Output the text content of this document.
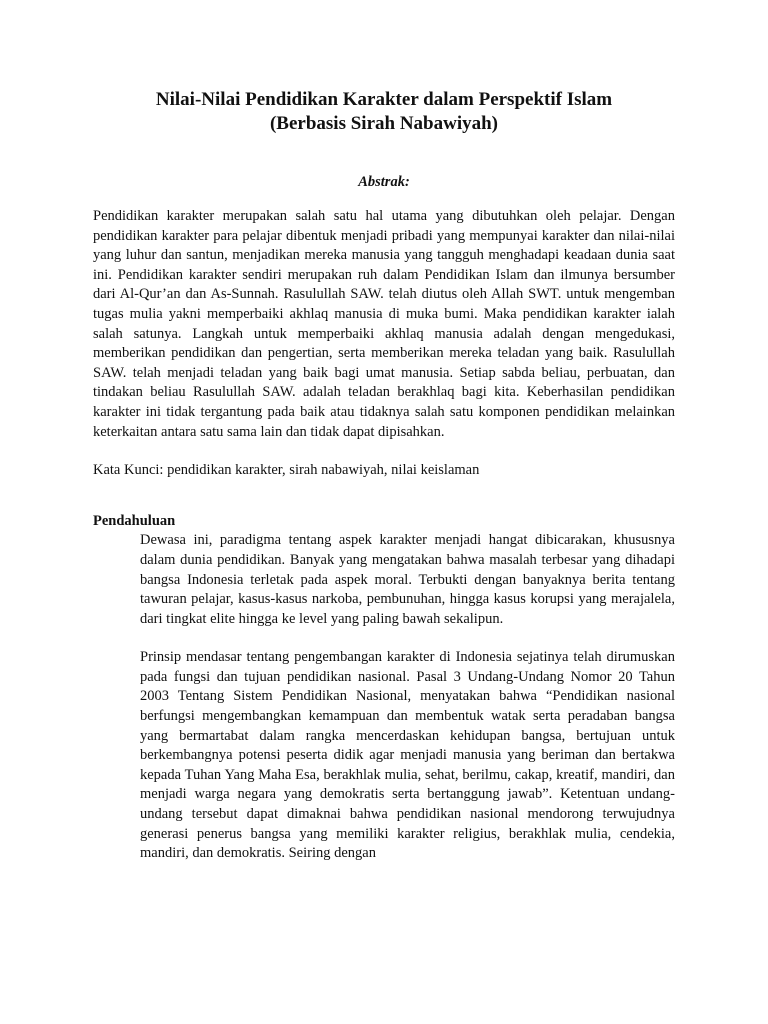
Nilai-Nilai Pendidikan Karakter dalam Perspektif Islam
(Berbasis Sirah Nabawiyah)

Abstrak:

Pendidikan karakter merupakan salah satu hal utama yang dibutuhkan oleh pelajar. Dengan pendidikan karakter para pelajar dibentuk menjadi pribadi yang mempunyai karakter dan nilai-nilai yang luhur dan santun, menjadikan mereka manusia yang tangguh menghadapi keadaan dunia saat ini. Pendidikan karakter sendiri merupakan ruh dalam Pendidikan Islam dan ilmunya bersumber dari Al-Qur’an dan As-Sunnah. Rasulullah SAW. telah diutus oleh Allah SWT. untuk mengemban tugas mulia yakni memperbaiki akhlaq manusia di muka bumi. Maka pendidikan karakter ialah salah satunya. Langkah untuk memperbaiki akhlaq manusia adalah dengan mengedukasi, memberikan pendidikan dan pengertian, serta memberikan mereka teladan yang baik. Rasulullah SAW. telah menjadi teladan yang baik bagi umat manusia. Setiap sabda beliau, perbuatan, dan tindakan beliau Rasulullah SAW. adalah teladan berakhlaq bagi kita. Keberhasilan pendidikan karakter ini tidak tergantung pada baik atau tidaknya salah satu komponen pendidikan melainkan keterkaitan antara satu sama lain dan tidak dapat dipisahkan.

Kata Kunci: pendidikan karakter, sirah nabawiyah, nilai keislaman

Pendahuluan

Dewasa ini, paradigma tentang aspek karakter menjadi hangat dibicarakan, khususnya dalam dunia pendidikan. Banyak yang mengatakan bahwa masalah terbesar yang dihadapi bangsa Indonesia terletak pada aspek moral. Terbukti dengan banyaknya berita tentang tawuran pelajar, kasus-kasus narkoba, pembunuhan, hingga kasus korupsi yang merajalela, dari tingkat elite hingga ke level yang paling bawah sekalipun.

Prinsip mendasar tentang pengembangan karakter di Indonesia sejatinya telah dirumuskan pada fungsi dan tujuan pendidikan nasional. Pasal 3 Undang-Undang Nomor 20 Tahun 2003 Tentang Sistem Pendidikan Nasional, menyatakan bahwa “Pendidikan nasional berfungsi mengembangkan kemampuan dan membentuk watak serta peradaban bangsa yang bermartabat dalam rangka mencerdaskan kehidupan bangsa, bertujuan untuk berkembangnya potensi peserta didik agar menjadi manusia yang beriman dan bertakwa kepada Tuhan Yang Maha Esa, berakhlak mulia, sehat, berilmu, cakap, kreatif, mandiri, dan menjadi warga negara yang demokratis serta bertanggung jawab”. Ketentuan undang-undang tersebut dapat dimaknai bahwa pendidikan nasional mendorong terwujudnya generasi penerus bangsa yang memiliki karakter religius, berakhlak mulia, cendekia, mandiri, dan demokratis. Seiring dengan
